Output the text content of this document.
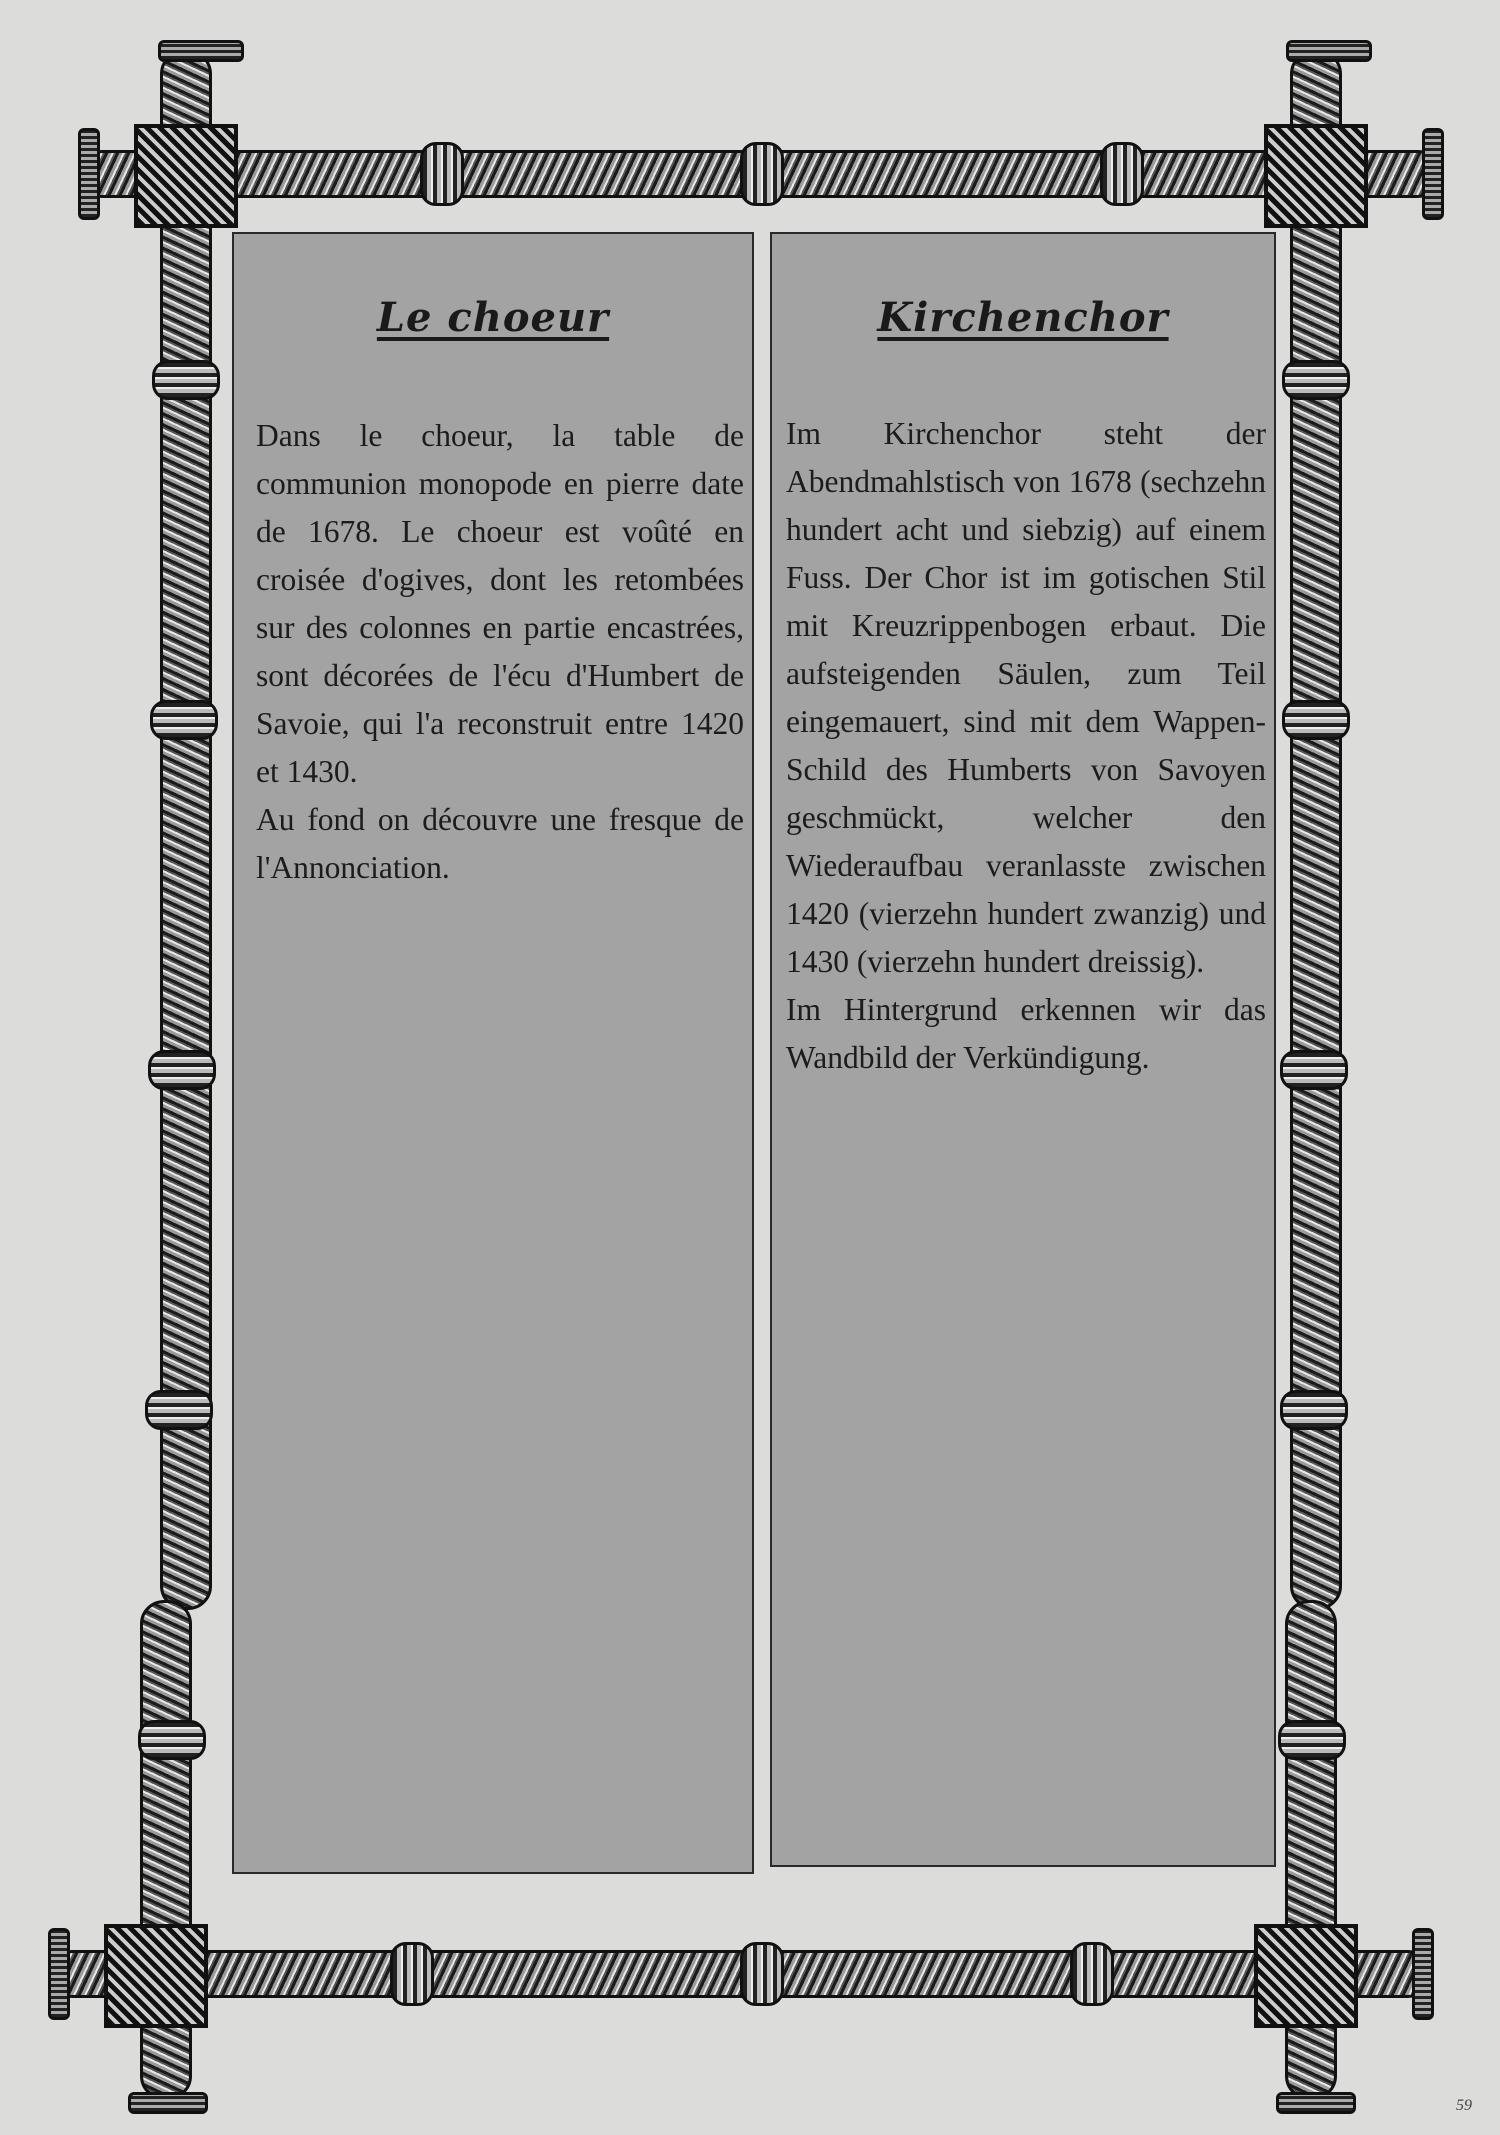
Le choeur

Dans le choeur, la table de communion monopode en pierre date de 1678. Le choeur est voûté en croisée d'ogives, dont les retombées sur des colonnes en partie encastrées, sont décorées de l'écu d'Humbert de Savoie, qui l'a reconstruit entre 1420 et 1430.

Au fond on découvre une fresque de l'Annonciation.

Kirchenchor

Im Kirchenchor steht der Abendmahlstisch von 1678 (sechzehn hundert acht und siebzig) auf einem Fuss. Der Chor ist im gotischen Stil mit Kreuzrippenbogen erbaut. Die aufsteigenden Säulen, zum Teil eingemauert, sind mit dem Wappen-Schild des Humberts von Savoyen geschmückt, welcher den Wiederaufbau veranlasste zwischen 1420 (vierzehn hundert zwanzig) und 1430 (vierzehn hundert dreissig).

Im Hintergrund erkennen wir das Wandbild der Verkündigung.

59
